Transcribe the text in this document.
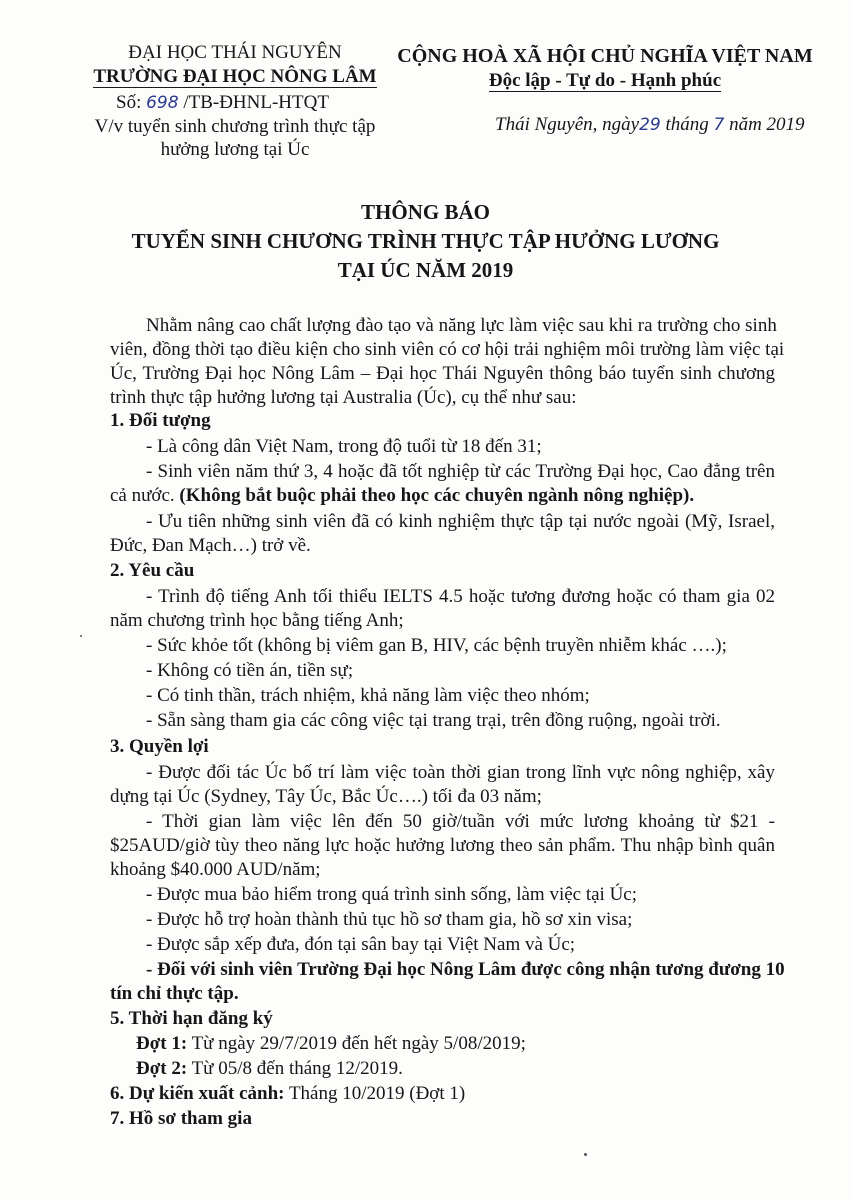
ĐẠI HỌC THÁI NGUYÊN
TRƯỜNG ĐẠI HỌC NÔNG LÂM
Số: 698 /TB-ĐHNL-HTQT
V/v tuyển sinh chương trình thực tập
hưởng lương tại Úc
CỘNG HOÀ XÃ HỘI CHỦ NGHĨA VIỆT NAM
Độc lập - Tự do - Hạnh phúc
Thái Nguyên, ngày29 tháng 7 năm 2019
THÔNG BÁO
TUYỂN SINH CHƯƠNG TRÌNH THỰC TẬP HƯỞNG LƯƠNG
TẠI ÚC NĂM 2019
Nhằm nâng cao chất lượng đào tạo và năng lực làm việc sau khi ra trường cho sinh
viên, đồng thời tạo điều kiện cho sinh viên có cơ hội trải nghiệm môi trường làm việc tại
Úc, Trường Đại học Nông Lâm – Đại học Thái Nguyên thông báo tuyển sinh chương
trình thực tập hưởng lương tại Australia (Úc), cụ thể như sau:
1. Đối tượng
- Là công dân Việt Nam, trong độ tuổi từ 18 đến 31;
- Sinh viên năm thứ 3, 4 hoặc đã tốt nghiệp từ các Trường Đại học, Cao đẳng trên
cả nước. (Không bắt buộc phải theo học các chuyên ngành nông nghiệp).
- Ưu tiên những sinh viên đã có kinh nghiệm thực tập tại nước ngoài (Mỹ, Israel,
Đức, Đan Mạch…) trở về.
2. Yêu cầu
- Trình độ tiếng Anh tối thiểu IELTS 4.5 hoặc tương đương hoặc có tham gia 02
năm chương trình học bằng tiếng Anh;
- Sức khỏe tốt (không bị viêm gan B, HIV, các bệnh truyền nhiễm khác ….);
- Không có tiền án, tiền sự;
- Có tinh thần, trách nhiệm, khả năng làm việc theo nhóm;
- Sẵn sàng tham gia các công việc tại trang trại, trên đồng ruộng, ngoài trời.
3. Quyền lợi
- Được đối tác Úc bố trí làm việc toàn thời gian trong lĩnh vực nông nghiệp, xây
dựng tại Úc (Sydney, Tây Úc, Bắc Úc….) tối đa 03 năm;
- Thời gian làm việc lên đến 50 giờ/tuần với mức lương khoảng từ $21 -
$25AUD/giờ tùy theo năng lực hoặc hưởng lương theo sản phẩm. Thu nhập bình quân
khoảng $40.000 AUD/năm;
- Được mua bảo hiểm trong quá trình sinh sống, làm việc tại Úc;
- Được hỗ trợ hoàn thành thủ tục hồ sơ tham gia, hồ sơ xin visa;
- Được sắp xếp đưa, đón tại sân bay tại Việt Nam và Úc;
- Đối với sinh viên Trường Đại học Nông Lâm được công nhận tương đương 10
tín chỉ thực tập.
5. Thời hạn đăng ký
Đợt 1: Từ ngày 29/7/2019 đến hết ngày 5/08/2019;
Đợt 2: Từ 05/8 đến tháng 12/2019.
6. Dự kiến xuất cảnh: Tháng 10/2019 (Đợt 1)
7. Hồ sơ tham gia
